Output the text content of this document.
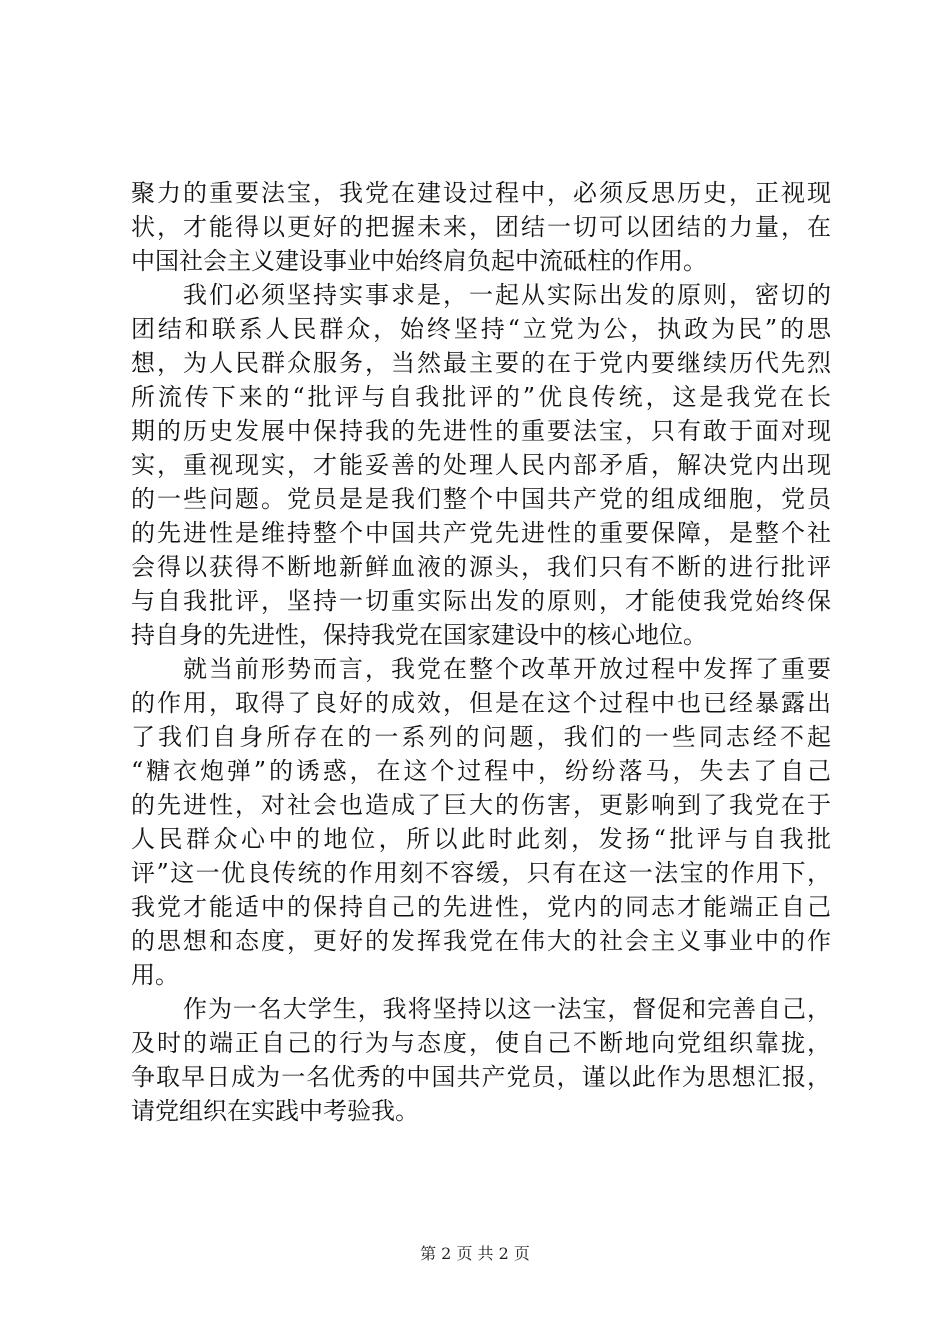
聚力的重要法宝，我党在建设过程中，必须反思历史，正视现
状，才能得以更好的把握未来，团结一切可以团结的力量，在
中国社会主义建设事业中始终肩负起中流砥柱的作用。
我们必须坚持实事求是，一起从实际出发的原则，密切的
团结和联系人民群众，始终坚持“立党为公，执政为民”的思
想，为人民群众服务，当然最主要的在于党内要继续历代先烈
所流传下来的“批评与自我批评的”优良传统，这是我党在长
期的历史发展中保持我的先进性的重要法宝，只有敢于面对现
实，重视现实，才能妥善的处理人民内部矛盾，解决党内出现
的一些问题。党员是是我们整个中国共产党的组成细胞，党员
的先进性是维持整个中国共产党先进性的重要保障，是整个社
会得以获得不断地新鲜血液的源头，我们只有不断的进行批评
与自我批评，坚持一切重实际出发的原则，才能使我党始终保
持自身的先进性，保持我党在国家建设中的核心地位。
就当前形势而言，我党在整个改革开放过程中发挥了重要
的作用，取得了良好的成效，但是在这个过程中也已经暴露出
了我们自身所存在的一系列的问题，我们的一些同志经不起
“糖衣炮弹”的诱惑，在这个过程中，纷纷落马，失去了自己
的先进性，对社会也造成了巨大的伤害，更影响到了我党在于
人民群众心中的地位，所以此时此刻，发扬“批评与自我批
评”这一优良传统的作用刻不容缓，只有在这一法宝的作用下，
我党才能适中的保持自己的先进性，党内的同志才能端正自己
的思想和态度，更好的发挥我党在伟大的社会主义事业中的作
用。
作为一名大学生，我将坚持以这一法宝，督促和完善自己，
及时的端正自己的行为与态度，使自己不断地向党组织靠拢，
争取早日成为一名优秀的中国共产党员，谨以此作为思想汇报，
请党组织在实践中考验我。
第 2 页 共 2 页
